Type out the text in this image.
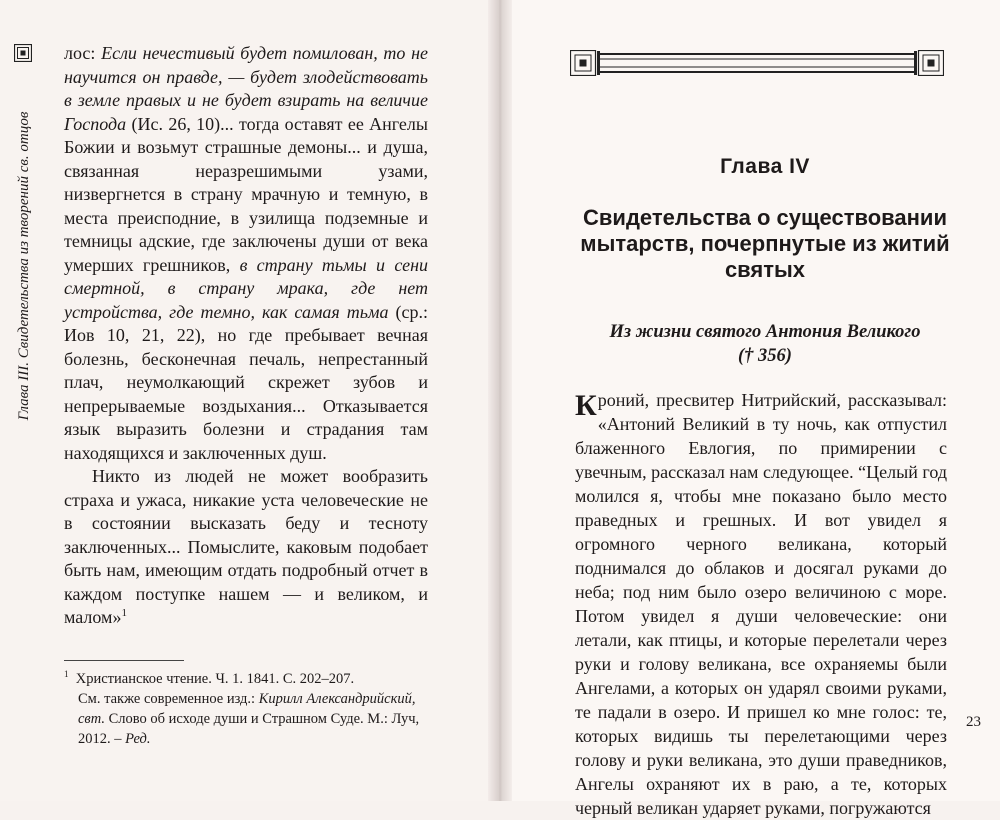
Глава III. Свидетельства из творений св. отцов

лос: Если нечестивый будет помилован, то не научится он правде, — будет злодействовать в земле правых и не будет взирать на величие Господа (Ис. 26, 10)... тогда оставят ее Ангелы Божии и возьмут страшные демоны... и душа, связанная неразрешимыми узами, низвергнется в страну мрачную и темную, в места преисподние, в узилища подземные и темницы адские, где заключены души от века умерших грешников, в страну тьмы и сени смертной, в страну мрака, где нет устройства, где темно, как самая тьма (ср.: Иов 10, 21, 22), но где пребывает вечная болезнь, бесконечная печаль, непрестанный плач, неумолкающий скрежет зубов и непрерываемые воздыхания... Отказывается язык выразить болезни и страдания там находящихся и заключенных душ.

Никто из людей не может вообразить страха и ужаса, никакие уста человеческие не в состоянии высказать беду и тесноту заключенных... Помыслите, каковым подобает быть нам, имеющим отдать подробный отчет в каждом поступке нашем — и великом, и малом»$^1$

$^1$ Христианское чтение. Ч. 1. 1841. С. 202–207.

См. также современное изд.: Кирилл Александрийский, свт. Слово об исходе души и Страшном Суде. М.: Луч, 2012. – Ред.

Глава IV
Свидетельства о существовании мытарств, почерпнутые из житий святых
Из жизни святого Антония Великого
(† 356)

Кроний, пресвитер Нитрийский, рассказывал: «Антоний Великий в ту ночь, как отпустил блаженного Евлогия, по примирении с увечным, рассказал нам следующее. “Целый год молился я, чтобы мне показано было место праведных и грешных. И вот увидел я огромного черного великана, который поднимался до облаков и досягал руками до неба; под ним было озеро величиною с море. Потом увидел я души человеческие: они летали, как птицы, и которые перелетали через руки и голову великана, все охраняемы были Ангелами, а которых он ударял своими руками, те падали в озеро. И пришел ко мне голос: те, которых видишь ты перелетающими через голову и руки великана, это души праведников, Ангелы охраняют их в раю, а те, которых черный великан ударяет руками, погружаются

23
